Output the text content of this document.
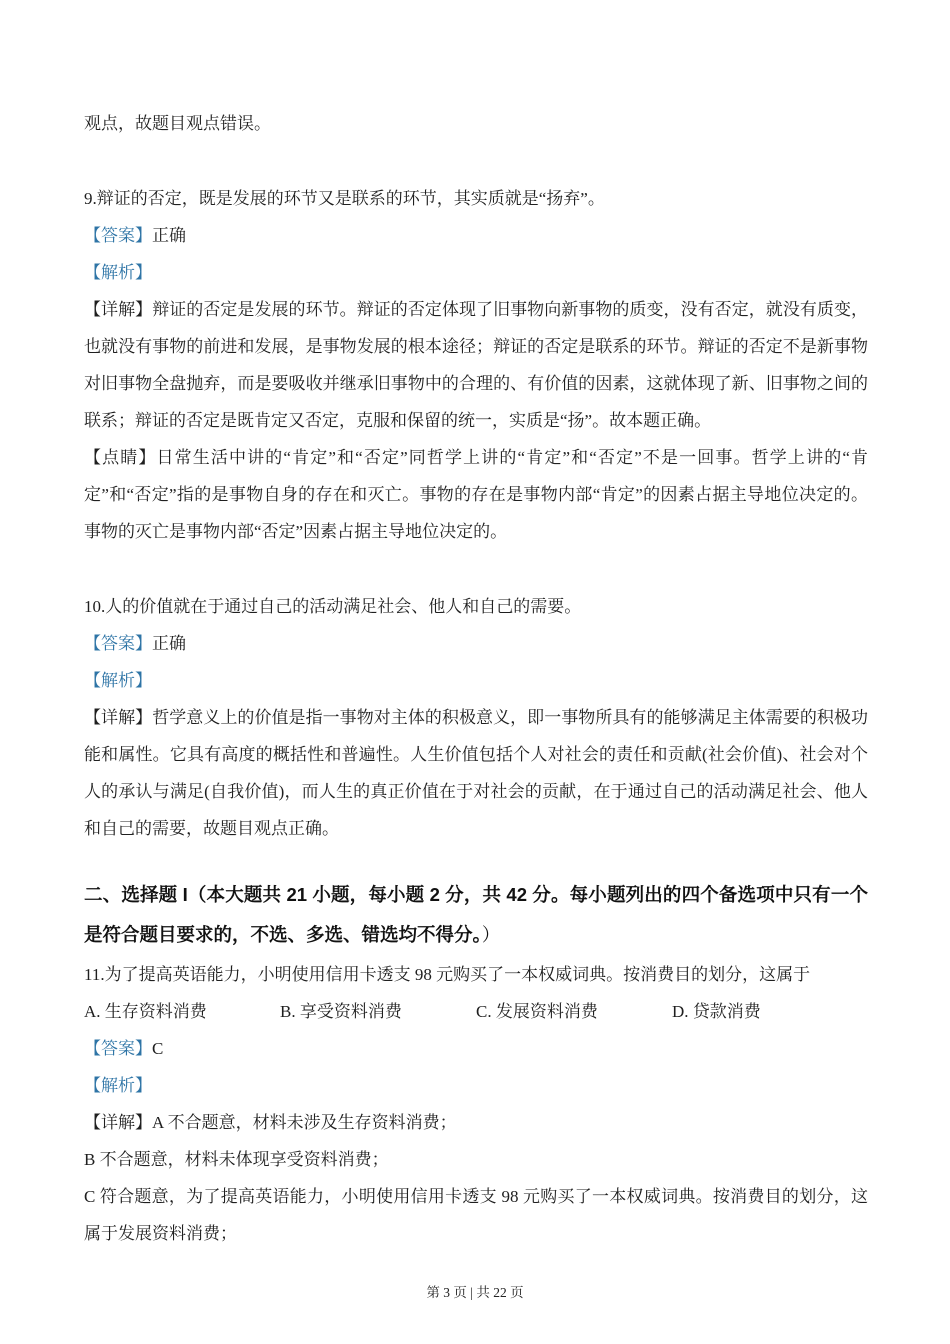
观点，故题目观点错误。

9.辩证的否定，既是发展的环节又是联系的环节，其实质就是“扬弃”。

【答案】正确

【解析】

【详解】辩证的否定是发展的环节。辩证的否定体现了旧事物向新事物的质变，没有否定，就没有质变，也就没有事物的前进和发展，是事物发展的根本途径；辩证的否定是联系的环节。辩证的否定不是新事物对旧事物全盘抛弃，而是要吸收并继承旧事物中的合理的、有价值的因素，这就体现了新、旧事物之间的联系；辩证的否定是既肯定又否定，克服和保留的统一，实质是“扬”。故本题正确。

【点睛】日常生活中讲的“肯定”和“否定”同哲学上讲的“肯定”和“否定”不是一回事。哲学上讲的“肯定”和“否定”指的是事物自身的存在和灭亡。事物的存在是事物内部“肯定”的因素占据主导地位决定的。事物的灭亡是事物内部“否定”因素占据主导地位决定的。

10.人的价值就在于通过自己的活动满足社会、他人和自己的需要。

【答案】正确

【解析】

【详解】哲学意义上的价值是指一事物对主体的积极意义，即一事物所具有的能够满足主体需要的积极功能和属性。它具有高度的概括性和普遍性。人生价值包括个人对社会的责任和贡献(社会价值)、社会对个人的承认与满足(自我价值)，而人生的真正价值在于对社会的贡献，在于通过自己的活动满足社会、他人和自己的需要，故题目观点正确。

二、选择题 I（本大题共 21 小题，每小题 2 分，共 42 分。每小题列出的四个备选项中只有一个是符合题目要求的，不选、多选、错选均不得分。）

11.为了提高英语能力，小明使用信用卡透支 98 元购买了一本权威词典。按消费目的划分，这属于

A. 生存资料消费	B. 享受资料消费	C. 发展资料消费	D. 贷款消费

【答案】C

【解析】

【详解】A 不合题意，材料未涉及生存资料消费；

B 不合题意，材料未体现享受资料消费；

C 符合题意，为了提高英语能力，小明使用信用卡透支 98 元购买了一本权威词典。按消费目的划分，这属于发展资料消费；

第 3 页 | 共 22 页
